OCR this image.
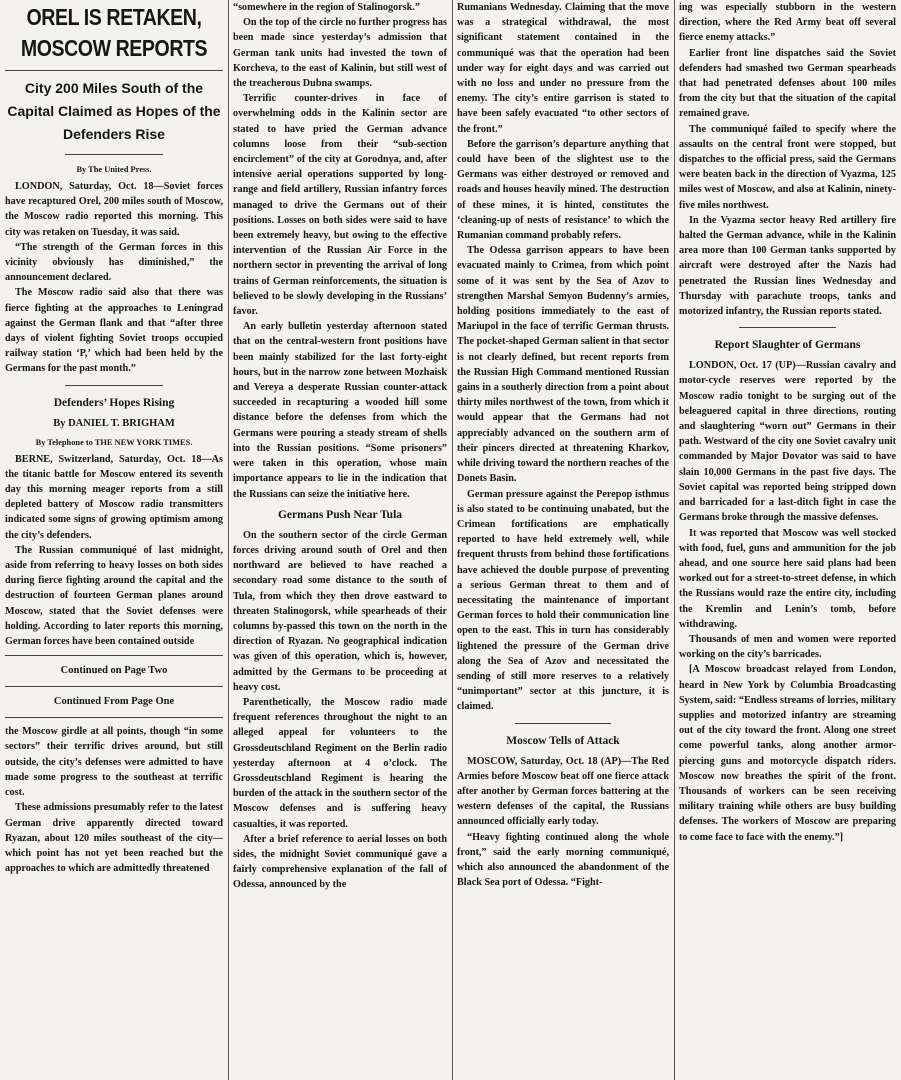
OREL IS RETAKEN,
MOSCOW REPORTS
City 200 Miles South of the Capital Claimed as Hopes of the Defenders Rise
By The United Press.

LONDON, Saturday, Oct. 18—Soviet forces have recaptured Orel, 200 miles south of Moscow, the Moscow radio reported this morning. This city was retaken on Tuesday, it was said.

“The strength of the German forces in this vicinity obviously has diminished,” the announcement declared.

The Moscow radio said also that there was fierce fighting at the approaches to Leningrad against the German flank and that “after three days of violent fighting Soviet troops occupied railway station ‘P,’ which had been held by the Germans for the past month.”

Defenders’ Hopes Rising
By DANIEL T. BRIGHAM
By Telephone to THE NEW YORK TIMES.

BERNE, Switzerland, Saturday, Oct. 18—As the titanic battle for Moscow entered its seventh day this morning meager reports from a still depleted battery of Moscow radio transmitters indicated some signs of growing optimism among the city’s defenders.

The Russian communiqué of last midnight, aside from referring to heavy losses on both sides during fierce fighting around the capital and the destruction of fourteen German planes around Moscow, stated that the Soviet defenses were holding. According to later reports this morning, German forces have been contained outside

Continued on Page Two
Continued From Page One

the Moscow girdle at all points, though “in some sectors” their terrific drives around, but still outside, the city’s defenses were admitted to have made some progress to the southeast at terrific cost.

These admissions presumably refer to the latest German drive apparently directed toward Ryazan, about 120 miles southeast of the city—which point has not yet been reached but the approaches to which are admittedly threatened

“somewhere in the region of Stalinogorsk.”

On the top of the circle no further progress has been made since yesterday’s admission that German tank units had invested the town of Korcheva, to the east of Kalinin, but still west of the treacherous Dubna swamps.

Terrific counter-drives in face of overwhelming odds in the Kalinin sector are stated to have pried the German advance columns loose from their “sub-section encirclement” of the city at Gorodnya, and, after intensive aerial operations supported by long-range and field artillery, Russian infantry forces managed to drive the Germans out of their positions. Losses on both sides were said to have been extremely heavy, but owing to the effective intervention of the Russian Air Force in the northern sector in preventing the arrival of long trains of German reinforcements, the situation is believed to be slowly developing in the Russians’ favor.

An early bulletin yesterday afternoon stated that on the central-western front positions have been mainly stabilized for the last forty-eight hours, but in the narrow zone between Mozhaisk and Vereya a desperate Russian counter-attack succeeded in recapturing a wooded hill some distance before the defenses from which the Germans were pouring a steady stream of shells into the Russian positions. “Some prisoners” were taken in this operation, whose main importance appears to lie in the indication that the Russians can seize the initiative here.

Germans Push Near Tula

On the southern sector of the circle German forces driving around south of Orel and then northward are believed to have reached a secondary road some distance to the south of Tula, from which they then drove eastward to threaten Stalinogorsk, while spearheads of their columns by-passed this town on the north in the direction of Ryazan. No geographical indication was given of this operation, which is, however, admitted by the Germans to be proceeding at heavy cost.

Parenthetically, the Moscow radio made frequent references throughout the night to an alleged appeal for volunteers to the Grossdeutschland Regiment on the Berlin radio yesterday afternoon at 4 o’clock. The Grossdeutschland Regiment is hearing the burden of the attack in the southern sector of the Moscow defenses and is suffering heavy casualties, it was reported.

After a brief reference to aerial losses on both sides, the midnight Soviet communiqué gave a fairly comprehensive explanation of the fall of Odessa, announced by the

Rumanians Wednesday. Claiming that the move was a strategical withdrawal, the most significant statement contained in the communiqué was that the operation had been under way for eight days and was carried out with no loss and under no pressure from the enemy. The city’s entire garrison is stated to have been safely evacuated “to other sectors of the front.”

Before the garrison’s departure anything that could have been of the slightest use to the Germans was either destroyed or removed and roads and houses heavily mined. The destruction of these mines, it is hinted, constitutes the ‘cleaning-up of nests of resistance’ to which the Rumanian command probably refers.

The Odessa garrison appears to have been evacuated mainly to Crimea, from which point some of it was sent by the Sea of Azov to strengthen Marshal Semyon Budenny’s armies, holding positions immediately to the east of Mariupol in the face of terrific German thrusts. The pocket-shaped German salient in that sector is not clearly defined, but recent reports from the Russian High Command mentioned Russian gains in a southerly direction from a point about thirty miles northwest of the town, from which it would appear that the Germans had not appreciably advanced on the southern arm of their pincers directed at threatening Kharkov, while driving toward the northern reaches of the Donets Basin.

German pressure against the Perepop isthmus is also stated to be continuing unabated, but the Crimean fortifications are emphatically reported to have held extremely well, while frequent thrusts from behind those fortifications have achieved the double purpose of preventing a serious German threat to them and of necessitating the maintenance of important German forces to hold their communication line open to the east. This in turn has considerably lightened the pressure of the German drive along the Sea of Azov and necessitated the sending of still more reserves to a relatively “unimportant” sector at this juncture, it is claimed.

Moscow Tells of Attack

MOSCOW, Saturday, Oct. 18 (AP)—The Red Armies before Moscow beat off one fierce attack after another by German forces battering at the western defenses of the capital, the Russians announced officially early today.

“Heavy fighting continued along the whole front,” said the early morning communiqué, which also announced the abandonment of the Black Sea port of Odessa. “Fight-

ing was especially stubborn in the western direction, where the Red Army beat off several fierce enemy attacks.”

Earlier front line dispatches said the Soviet defenders had smashed two German spearheads that had penetrated defenses about 100 miles from the city but that the situation of the capital remained grave.

The communiqué failed to specify where the assaults on the central front were stopped, but dispatches to the official press, said the Germans were beaten back in the direction of Vyazma, 125 miles west of Moscow, and also at Kalinin, ninety-five miles northwest.

In the Vyazma sector heavy Red artillery fire halted the German advance, while in the Kalinin area more than 100 German tanks supported by aircraft were destroyed after the Nazis had penetrated the Russian lines Wednesday and Thursday with parachute troops, tanks and motorized infantry, the Russian reports stated.

Report Slaughter of Germans

LONDON, Oct. 17 (UP)—Russian cavalry and motor-cycle reserves were reported by the Moscow radio tonight to be surging out of the beleaguered capital in three directions, routing and slaughtering “worn out” Germans in their path. Westward of the city one Soviet cavalry unit commanded by Major Dovator was said to have slain 10,000 Germans in the past five days. The Soviet capital was reported being stripped down and barricaded for a last-ditch fight in case the Germans broke through the massive defenses.

It was reported that Moscow was well stocked with food, fuel, guns and ammunition for the job ahead, and one source here said plans had been worked out for a street-to-street defense, in which the Russians would raze the entire city, including the Kremlin and Lenin’s tomb, before withdrawing.

Thousands of men and women were reported working on the city’s barricades.

[A Moscow broadcast relayed from London, heard in New York by Columbia Broadcasting System, said: “Endless streams of lorries, military supplies and motorized infantry are streaming out of the city toward the front. Along one street come powerful tanks, along another armor-piercing guns and motorcycle dispatch riders. Moscow now breathes the spirit of the front. Thousands of workers can be seen receiving military training while others are busy building defenses. The workers of Moscow are preparing to come face to face with the enemy.”]
